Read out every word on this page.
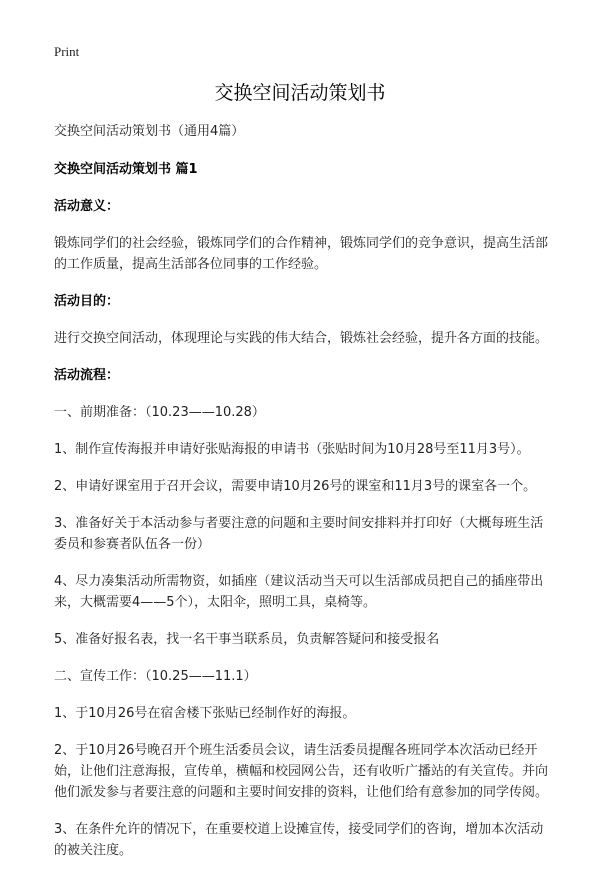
Print
交换空间活动策划书

交换空间活动策划书（通用4篇）

交换空间活动策划书 篇1

活动意义：

锻炼同学们的社会经验，锻炼同学们的合作精神，锻炼同学们的竞争意识，提高生活部的工作质量，提高生活部各位同事的工作经验。

活动目的：

进行交换空间活动，体现理论与实践的伟大结合，锻炼社会经验，提升各方面的技能。

活动流程：

一、前期准备：（10.23——10.28）

1、制作宣传海报并申请好张贴海报的申请书（张贴时间为10月28号至11月3号）。

2、申请好课室用于召开会议，需要申请10月26号的课室和11月3号的课室各一个。

3、准备好关于本活动参与者要注意的问题和主要时间安排料并打印好（大概每班生活委员和参赛者队伍各一份）

4、尽力凑集活动所需物资，如插座（建议活动当天可以生活部成员把自己的插座带出来，大概需要4——5个），太阳伞，照明工具，桌椅等。

5、准备好报名表，找一名干事当联系员，负责解答疑问和接受报名

二、宣传工作：（10.25——11.1）

1、于10月26号在宿舍楼下张贴已经制作好的海报。

2、于10月26号晚召开个班生活委员会议，请生活委员提醒各班同学本次活动已经开始，让他们注意海报，宣传单，横幅和校园网公告，还有收听广播站的有关宣传。并向他们派发参与者要注意的问题和主要时间安排的资料，让他们给有意参加的同学传阅。

3、在条件允许的情况下，在重要校道上设摊宣传，接受同学们的咨询，增加本次活动的被关注度。
